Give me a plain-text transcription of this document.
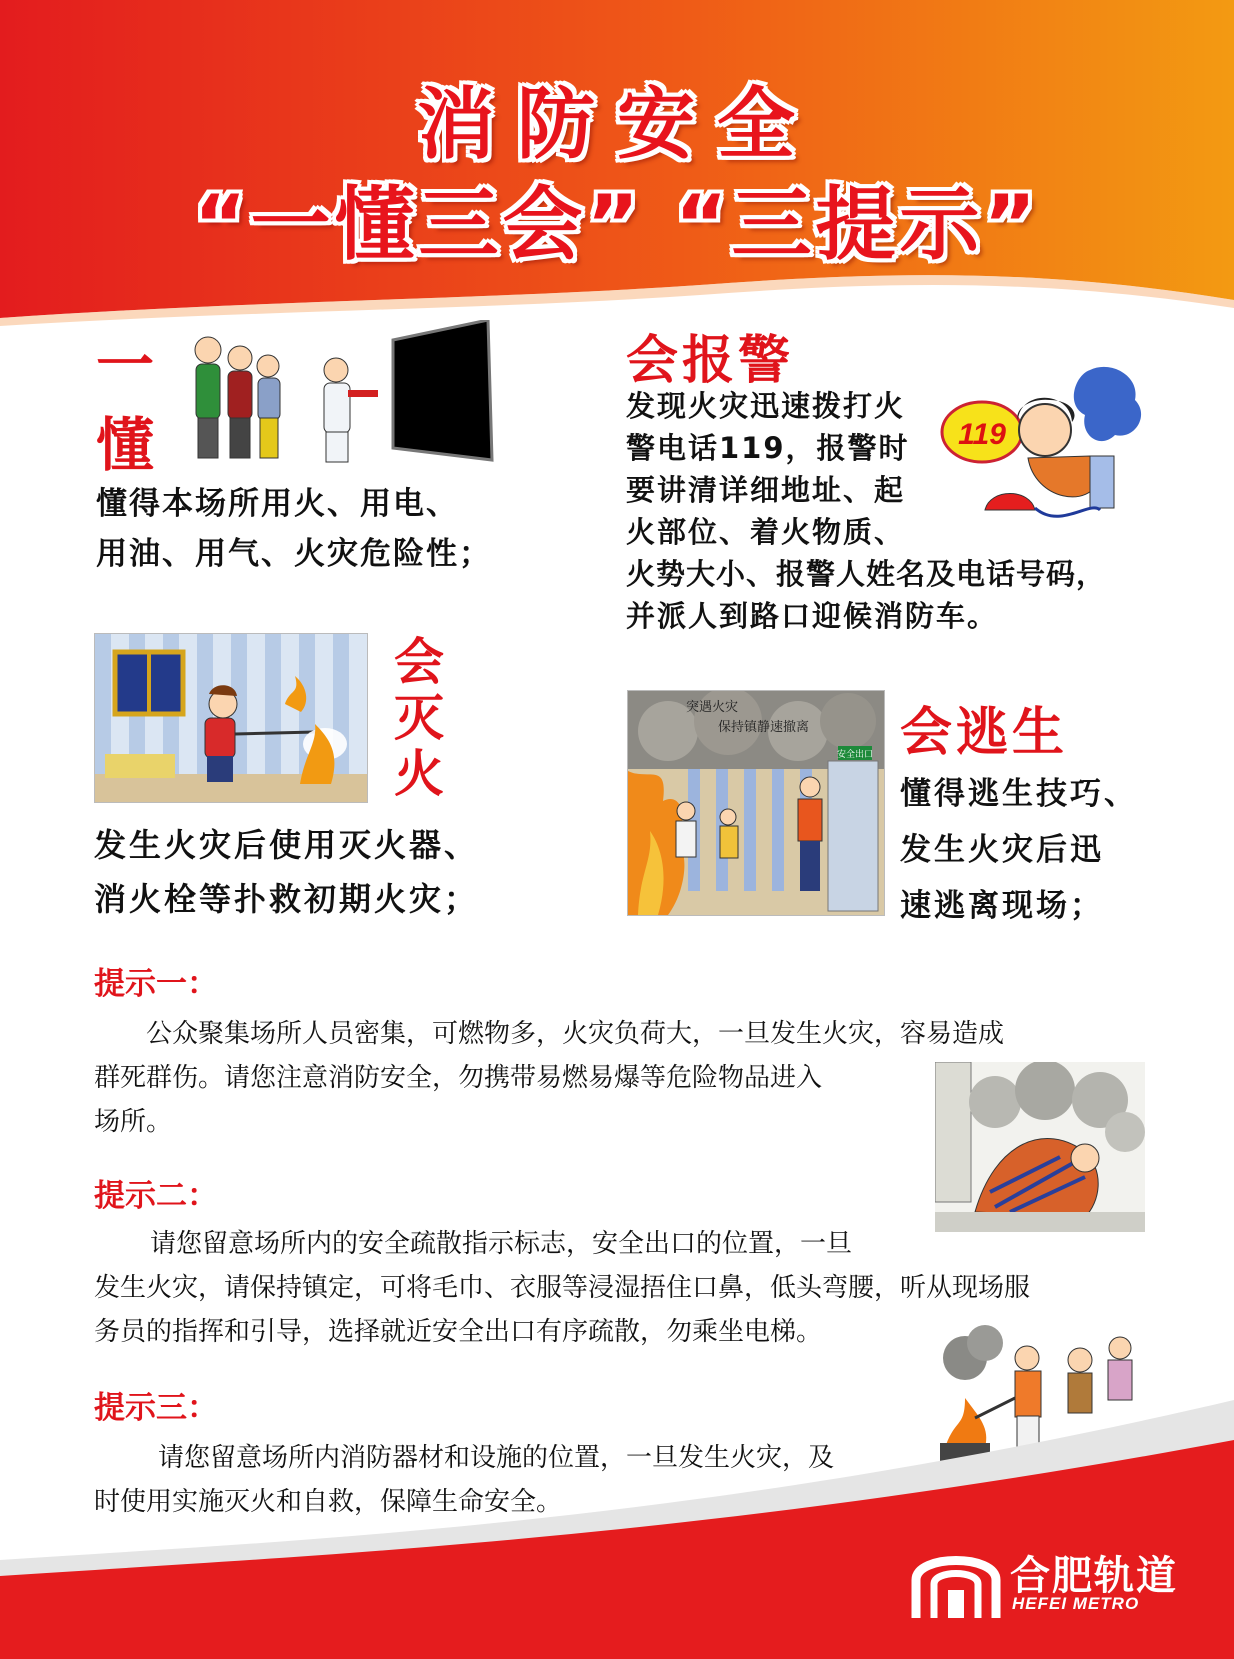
消防安全
“一懂三会” “三提示”
一
懂
懂得本场所用火、用电、
用油、用气、火灾危险性；
会报警
发现火灾迅速拨打火
警电话119，报警时
要讲清详细地址、起
火部位、着火物质、
火势大小、报警人姓名及电话号码，
并派人到路口迎候消防车。
119
会
灭
火
发生火灾后使用灭火器、
消火栓等扑救初期火灾；
突遇火灾
保持镇静速撤离
安全出口 会逃生
懂得逃生技巧、
发生火灾后迅
速逃离现场；
提示一：
公众聚集场所人员密集，可燃物多，火灾负荷大，一旦发生火灾，容易造成
群死群伤。请您注意消防安全，勿携带易燃易爆等危险物品进入
场所。
提示二：
请您留意场所内的安全疏散指示标志，安全出口的位置，一旦
发生火灾，请保持镇定，可将毛巾、衣服等浸湿捂住口鼻，低头弯腰，听从现场服
务员的指挥和引导，选择就近安全出口有序疏散，勿乘坐电梯。
提示三：
请您留意场所内消防器材和设施的位置，一旦发生火灾，及
时使用实施灭火和自救，保障生命安全。
合肥轨道
HEFEI METRO
